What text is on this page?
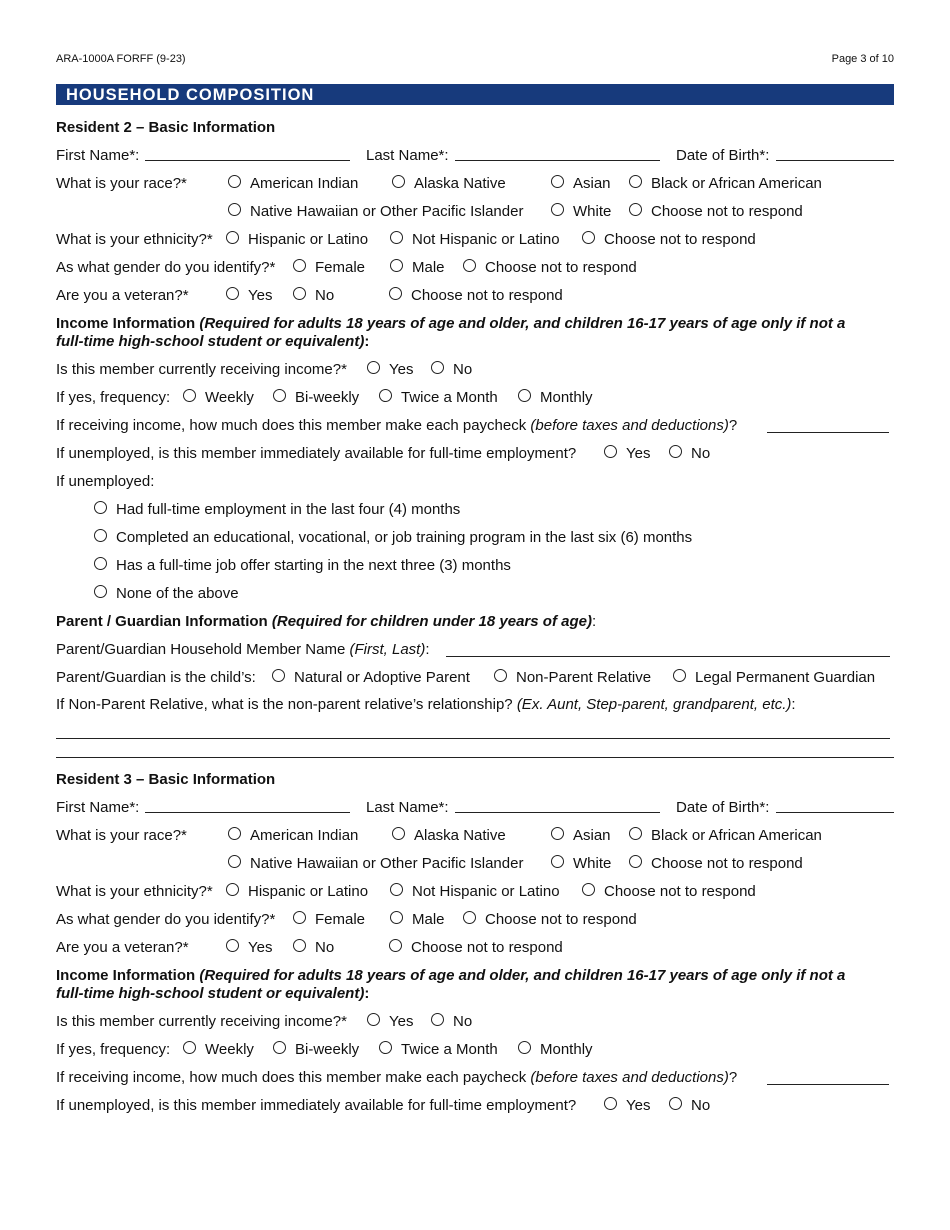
ARA-1000A FORFF (9-23)	Page 3 of 10
HOUSEHOLD COMPOSITION
Resident 2 – Basic Information
First Name*:	Last Name*:	Date of Birth*:
What is your race?*	American Indian	Alaska Native	Asian	Black or African American
Native Hawaiian or Other Pacific Islander	White	Choose not to respond
What is your ethnicity?* Hispanic or Latino	Not Hispanic or Latino	Choose not to respond
As what gender do you identify?*	Female	Male	Choose not to respond
Are you a veteran?*	Yes	No	Choose not to respond
Income Information (Required for adults 18 years of age and older, and children 16-17 years of age only if not a
full-time high-school student or equivalent):
Is this member currently receiving income?*	Yes	No
If yes, frequency: Weekly	Bi-weekly	Twice a Month	Monthly
If receiving income, how much does this member make each paycheck (before taxes and deductions)?
If unemployed, is this member immediately available for full-time employment?	Yes	No
If unemployed:
Had full-time employment in the last four (4) months
Completed an educational, vocational, or job training program in the last six (6) months
Has a full-time job offer starting in the next three (3) months
None of the above
Parent / Guardian Information (Required for children under 18 years of age):
Parent/Guardian Household Member Name (First, Last):
Parent/Guardian is the child’s:	Natural or Adoptive Parent	Non-Parent Relative	Legal Permanent Guardian
If Non-Parent Relative, what is the non-parent relative’s relationship? (Ex. Aunt, Step-parent, grandparent, etc.):
Resident 3 – Basic Information
First Name*:	Last Name*:	Date of Birth*:
What is your race?*	American Indian	Alaska Native	Asian	Black or African American
Native Hawaiian or Other Pacific Islander	White	Choose not to respond
What is your ethnicity?* Hispanic or Latino	Not Hispanic or Latino	Choose not to respond
As what gender do you identify?*	Female	Male	Choose not to respond
Are you a veteran?*	Yes	No	Choose not to respond
Income Information (Required for adults 18 years of age and older, and children 16-17 years of age only if not a
full-time high-school student or equivalent):
Is this member currently receiving income?*	Yes	No
If yes, frequency: Weekly	Bi-weekly	Twice a Month	Monthly
If receiving income, how much does this member make each paycheck (before taxes and deductions)?
If unemployed, is this member immediately available for full-time employment?	Yes	No
